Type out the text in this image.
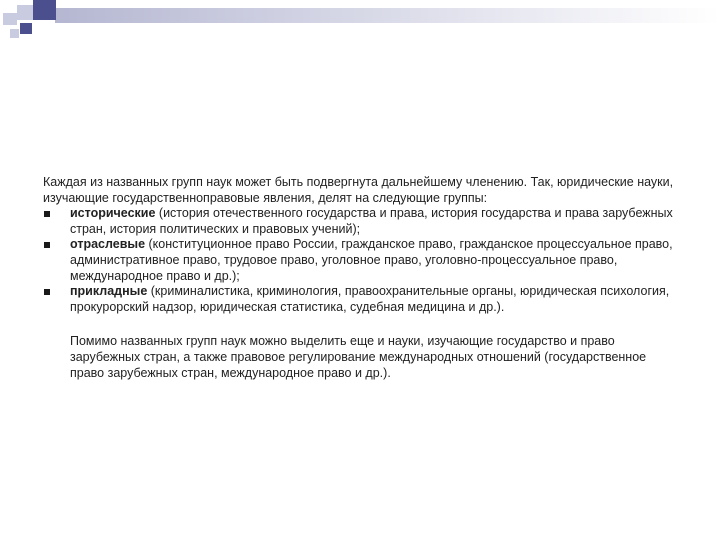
Каждая из названных групп наук может быть подвергнута дальнейшему членению. Так, юридические науки, изучающие государственноправовые явления, делят на следующие группы:

исторические (история отечественного государства и права, история государства и права зарубежных стран, история политических и правовых учений);
отраслевые (конституционное право России, гражданское право, гражданское процессуальное право, административное право, трудовое право, уголовное право, уголовно-процессуальное право, международное право и др.);
прикладные (криминалистика, криминология, правоохранительные органы, юридическая психология, прокурорский надзор, юридическая статистика, судебная медицина и др.).

Помимо названных групп наук можно выделить еще и науки, изучающие государство и право зарубежных стран, а также правовое регулирование международных отношений (государственное право зарубежных стран, международное право и др.).
